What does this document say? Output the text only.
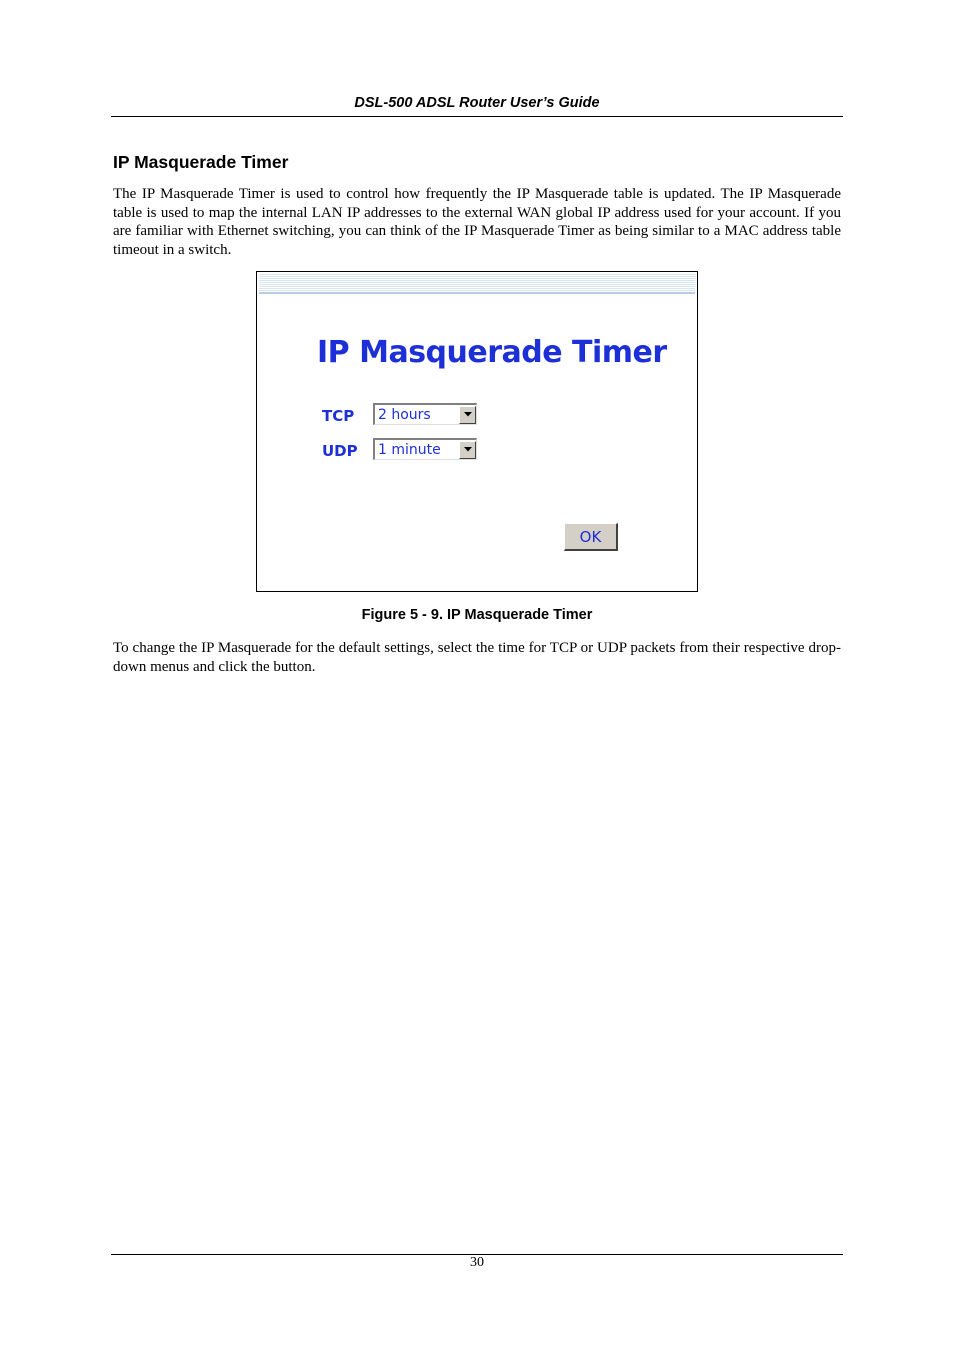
DSL-500 ADSL Router User’s Guide
IP Masquerade Timer
The IP Masquerade Timer is used to control how frequently the IP Masquerade table is updated. The IP Masquerade table is used to map the internal LAN IP addresses to the external WAN global IP address used for your account. If you are familiar with Ethernet switching, you can think of the IP Masquerade Timer as being similar to a MAC address table timeout in a switch.
IP Masquerade Timer
TCP 2 hours
UDP 1 minute
OK
Figure 5 - 9. IP Masquerade Timer
To change the IP Masquerade for the default settings, select the time for TCP or UDP packets from their respective drop-down menus and click the button.
30
